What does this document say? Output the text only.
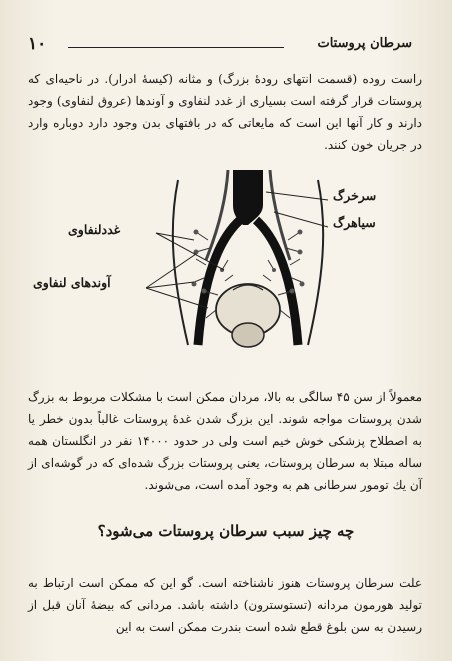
۱۰	سرطان پروستات

راست روده (قسمت انتهای رودهٔ بزرگ) و مثانه (کیسهٔ ادرار). در ناحیه‌ای که پروستات قرار گرفته است بسیاری از غدد لنفاوی و آوندها (عروق لنفاوی) وجود دارند و کار آنها این است که مایعاتی که در بافتهای بدن وجود دارد دوباره وارد در جریان خون کنند.

سرخرگ
سیاهرگ
غددلنفاوی
آوندهای لنفاوی

معمولاً از سن ۴۵ سالگی به بالا، مردان ممکن است با مشکلات مربوط به بزرگ شدن پروستات مواجه شوند. این بزرگ شدن غدهٔ پروستات غالباً بدون خطر یا به اصطلاح پزشکی خوش خیم است ولی در حدود ۱۴۰۰۰ نفر در انگلستان همه ساله مبتلا به سرطان پروستات، یعنی پروستات بزرگ شده‌ای که در گوشه‌ای از آن یك تومور سرطانی هم به وجود آمده است، می‌شوند.

چه چیز سبب سرطان پروستات می‌شود؟

علت سرطان پروستات هنوز ناشناخته است. گو این که ممکن است ارتباط به تولید هورمون مردانه (تستوسترون) داشته باشد. مردانی که بیضهٔ آنان قبل از رسیدن به سن بلوغ قطع شده است بندرت ممکن است به این
